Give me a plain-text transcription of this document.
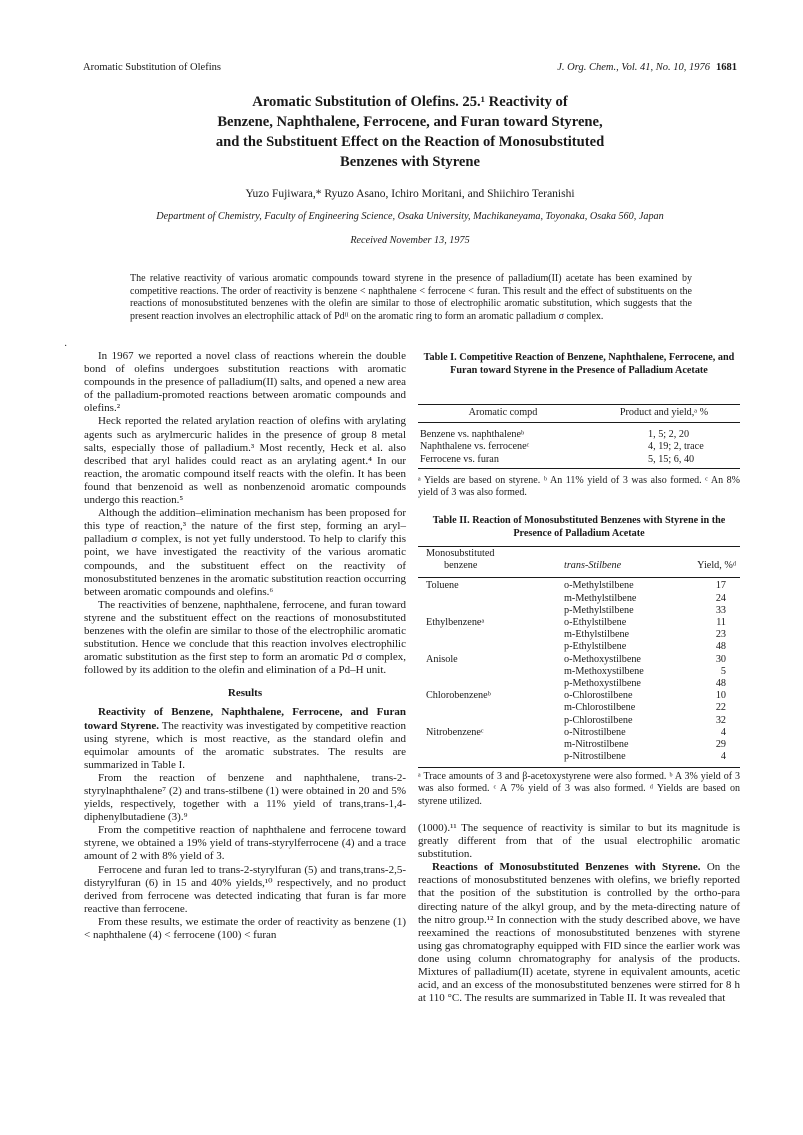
Aromatic Substitution of Olefins	J. Org. Chem., Vol. 41, No. 10, 1976 1681
Aromatic Substitution of Olefins. 25.¹ Reactivity of
Benzene, Naphthalene, Ferrocene, and Furan toward Styrene,
and the Substituent Effect on the Reaction of Monosubstituted
Benzenes with Styrene
Yuzo Fujiwara,* Ryuzo Asano, Ichiro Moritani, and Shiichiro Teranishi
Department of Chemistry, Faculty of Engineering Science, Osaka University, Machikaneyama, Toyonaka, Osaka 560, Japan
Received November 13, 1975
The relative reactivity of various aromatic compounds toward styrene in the presence of palladium(II) acetate has been examined by competitive reactions. The order of reactivity is benzene < naphthalene < ferrocene < furan. This result and the effect of substituents on the reactions of monosubstituted benzenes with the olefin are similar to those of electrophilic aromatic substitution, which suggests that the present reaction involves an electrophilic attack of Pdᴵᴵ on the aromatic ring to form an aromatic palladium σ complex.
·

In 1967 we reported a novel class of reactions wherein the double bond of olefins undergoes substitution reactions with aromatic compounds in the presence of palladium(II) salts, and opened a new area of the palladium-promoted reactions between aromatic compounds and olefins.²

Heck reported the related arylation reaction of olefins with arylating agents such as arylmercuric halides in the presence of group 8 metal salts, especially those of palladium.³ Most recently, Heck et al. also described that aryl halides could react as an arylating agent.⁴ In our reaction, the aromatic compound itself reacts with the olefin. It has been found that benzenoid as well as nonbenzenoid aromatic compounds undergo this reaction.⁵

Although the addition–elimination mechanism has been proposed for this type of reaction,³ the nature of the first step, forming an aryl–palladium σ complex, is not yet fully understood. To help to clarify this point, we have investigated the reactivity of the various aromatic compounds, and the substituent effect on the reactivity of monosubstituted benzenes in the aromatic substitution reaction occurring between aromatic compounds and olefins.⁶

The reactivities of benzene, naphthalene, ferrocene, and furan toward styrene and the substituent effect on the reactions of monosubstituted benzenes with the olefin are similar to those of the electrophilic aromatic substitution. Hence we conclude that this reaction involves electrophilic aromatic substitution as the first step to form an aromatic Pd σ complex, followed by its addition to the olefin and elimination of a Pd–H unit.

Results

Reactivity of Benzene, Naphthalene, Ferrocene, and Furan toward Styrene. The reactivity was investigated by competitive reaction using styrene, which is most reactive, as the standard olefin and equimolar amounts of the aromatic substrates. The results are summarized in Table I.

From the reaction of benzene and naphthalene, trans-2-styrylnaphthalene⁷ (2) and trans-stilbene (1) were obtained in 20 and 5% yields, respectively, together with a 11% yield of trans,trans-1,4-diphenylbutadiene (3).⁹

From the competitive reaction of naphthalene and ferrocene toward styrene, we obtained a 19% yield of trans-styrylferrocene (4) and a trace amount of 2 with 8% yield of 3.

Ferrocene and furan led to trans-2-styrylfuran (5) and trans,trans-2,5-distyrylfuran (6) in 15 and 40% yields,¹⁰ respectively, and no product derived from ferrocene was detected indicating that furan is far more reactive than ferrocene.

From these results, we estimate the order of reactivity as benzene (1) < naphthalene (4) < ferrocene (100) < furan

Table I. Competitive Reaction of Benzene, Naphthalene, Ferrocene, and Furan toward Styrene in the Presence of Palladium Acetate
Aromatic compd	Product and yield,ᵃ %

Benzene vs. naphthaleneᵇ	1, 5; 2, 20
Naphthalene vs. ferroceneᶜ	4, 19; 2, trace
Ferrocene vs. furan	5, 15; 6, 40
ᵃ Yields are based on styrene. ᵇ An 11% yield of 3 was also formed. ᶜ An 8% yield of 3 was also formed.
Table II. Reaction of Monosubstituted Benzenes with Styrene in the Presence of Palladium Acetate
Monosubstituted
benzene	trans-Stilbene	Yield, %ᵈ

Toluene	o-Methylstilbene	17
	m-Methylstilbene	24
	p-Methylstilbene	33
Ethylbenzeneᵃ	o-Ethylstilbene	11
	m-Ethylstilbene	23
	p-Ethylstilbene	48
Anisole	o-Methoxystilbene	30
	m-Methoxystilbene	5
	p-Methoxystilbene	48
Chlorobenzeneᵇ	o-Chlorostilbene	10
	m-Chlorostilbene	22
	p-Chlorostilbene	32
Nitrobenzeneᶜ	o-Nitrostilbene	4
	m-Nitrostilbene	29
	p-Nitrostilbene	4
ᵃ Trace amounts of 3 and β-acetoxystyrene were also formed. ᵇ A 3% yield of 3 was also formed. ᶜ A 7% yield of 3 was also formed. ᵈ Yields are based on styrene utilized.

(1000).¹¹ The sequence of reactivity is similar to but its magnitude is greatly different from that of the usual electrophilic aromatic substitution.

Reactions of Monosubstituted Benzenes with Styrene. On the reactions of monosubstituted benzenes with olefins, we briefly reported that the position of the substitution is controlled by the ortho-para directing nature of the alkyl group, and by the meta-directing nature of the nitro group.¹² In connection with the study described above, we have reexamined the reactions of monosubstituted benzenes with styrene using gas chromatography equipped with FID since the earlier work was done using column chromatography for analysis of the products. Mixtures of palladium(II) acetate, styrene in equivalent amounts, acetic acid, and an excess of the monosubstituted benzenes were stirred for 8 h at 110 °C. The results are summarized in Table II. It was revealed that
